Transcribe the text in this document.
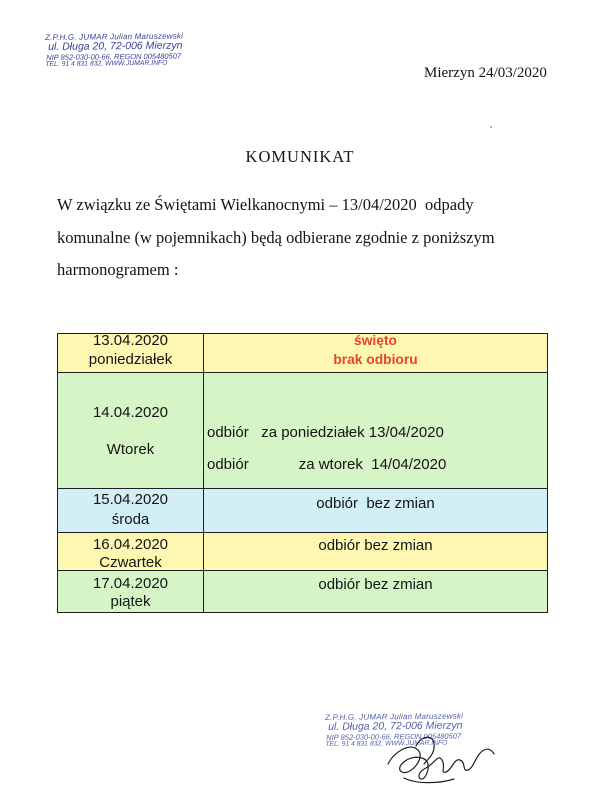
Z.P.H.G. JUMAR Julian Maruszewski
ul. Długa 20, 72-006 Mierzyn
NIP 852-030-00-66, REGON 005480507
TEL. 91 4 831 832, WWW.JUMAR.INFO
Mierzyn 24/03/2020
KOMUNIKAT
W związku ze Świętami Wielkanocnymi – 13/04/2020  odpady
komunalne (w pojemnikach) będą odbierane zgodnie z poniższym
harmonogramem :
13.04.2020
poniedziałek
święto
brak odbioru
14.04.2020
Wtorek
odbiór   za poniedziałek 13/04/2020
odbiór            za wtorek  14/04/2020
15.04.2020
środa
odbiór  bez zmian
16.04.2020
Czwartek
odbiór bez zmian
17.04.2020
piątek
odbiór bez zmian
Z.P.H.G. JUMAR Julian Maruszewski
ul. Długa 20, 72-006 Mierzyn
NIP 852-030-00-66, REGON 005480507
TEL. 91 4 831 832, WWW.JUMAR.INFO
